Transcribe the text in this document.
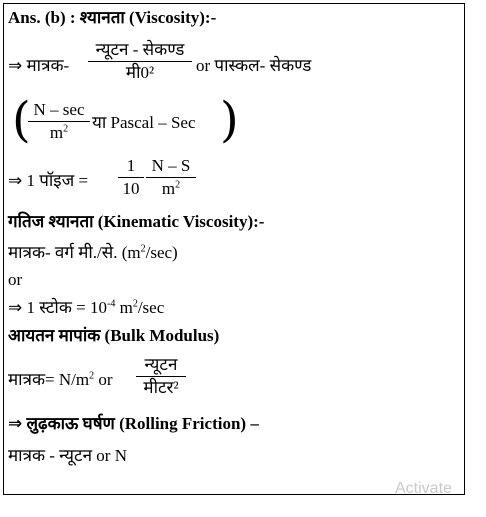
Ans. (b) : श्यानता (Viscosity):-
⇒ मात्रक-
न्यूटन - सेकण्ड
मी0²	or पास्कल- सेकण्ड
( N – sec
$m^2$	या Pascal – Sec )
⇒ 1 पॉइज =
1
10
N – S
$m^2$
गतिज श्यानता (Kinematic Viscosity):-
मात्रक- वर्ग मी./से. $(m^2/\sec)$
or
⇒ 1 स्टोक = $10^{-4}$ $m^2/\sec$
आयतन मापांक (Bulk Modulus)
मात्रक= $N/m^2$ or
न्यूटन
मीटर²
⇒ लुढ़काऊ घर्षण (Rolling Friction) –
मात्रक - न्यूटन or N
Activate
